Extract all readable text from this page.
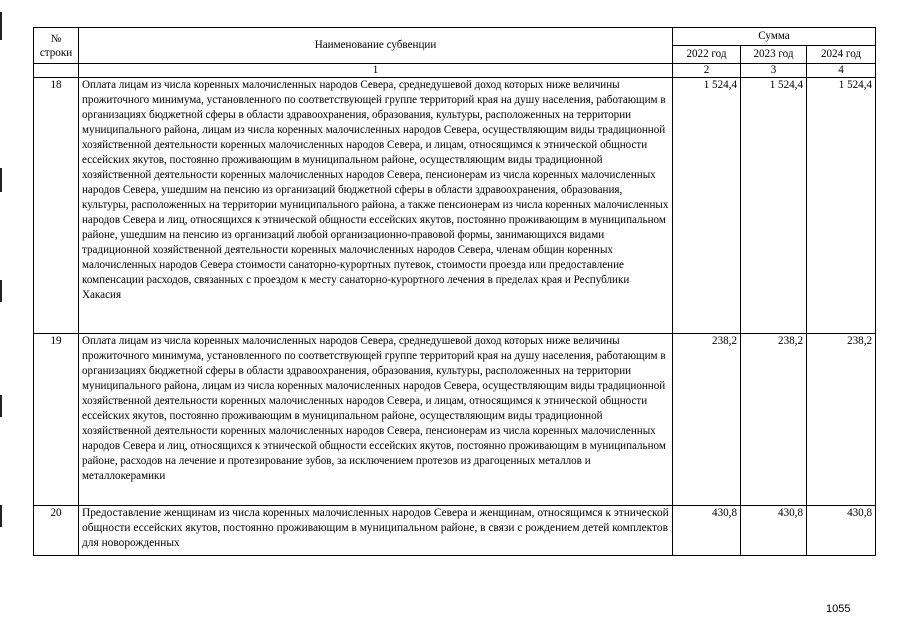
№
строки	Наименование субвенции	Сумма		
		2022 год	2023 год	2024 год
	1	2	3	4
18	Оплата лицам из числа коренных малочисленных народов Севера, среднедушевой доход которых ниже величины прожиточного минимума, установленного по соответствующей группе территорий края на душу населения, работающим в организациях бюджетной сферы в области здравоохранения, образования, культуры, расположенных на территории муниципального района, лицам из числа коренных малочисленных народов Севера, осуществляющим виды традиционной хозяйственной деятельности коренных малочисленных народов Севера, и лицам, относящимся к этнической общности ессейских якутов, постоянно проживающим в муниципальном районе, осуществляющим виды традиционной хозяйственной деятельности коренных малочисленных народов Севера, пенсионерам из числа коренных малочисленных народов Севера, ушедшим на пенсию из организаций бюджетной сферы в области здравоохранения, образования, культуры, расположенных на территории муниципального района, а также пенсионерам из числа коренных малочисленных народов Севера и лиц, относящихся к этнической общности ессейских якутов, постоянно проживающим в муниципальном районе, ушедшим на пенсию из организаций любой организационно-правовой формы, занимающихся видами традиционной хозяйственной деятельности коренных малочисленных народов Севера, членам общин коренных малочисленных народов Севера стоимости санаторно-курортных путевок, стоимости проезда или предоставление компенсации расходов, связанных с проездом к месту санаторно-курортного лечения в пределах края и Республики Хакасия	1 524,4	1 524,4	1 524,4
19	Оплата лицам из числа коренных малочисленных народов Севера, среднедушевой доход которых ниже величины прожиточного минимума, установленного по соответствующей группе территорий края на душу населения, работающим в организациях бюджетной сферы в области здравоохранения, образования, культуры, расположенных на территории муниципального района, лицам из числа коренных малочисленных народов Севера, осуществляющим виды традиционной хозяйственной деятельности коренных малочисленных народов Севера, и лицам, относящимся к этнической общности ессейских якутов, постоянно проживающим в муниципальном районе, осуществляющим виды традиционной хозяйственной деятельности коренных малочисленных народов Севера, пенсионерам из числа коренных малочисленных народов Севера и лиц, относящихся к этнической общности ессейских якутов, постоянно проживающим в муниципальном районе, расходов на лечение и протезирование зубов, за исключением протезов из драгоценных металлов и металлокерамики	238,2	238,2	238,2
20	Предоставление женщинам из числа коренных малочисленных народов Севера и женщинам, относящимся к этнической общности ессейских якутов, постоянно проживающим в муниципальном районе, в связи с рождением детей комплектов для новорожденных	430,8	430,8	430,8
1055
